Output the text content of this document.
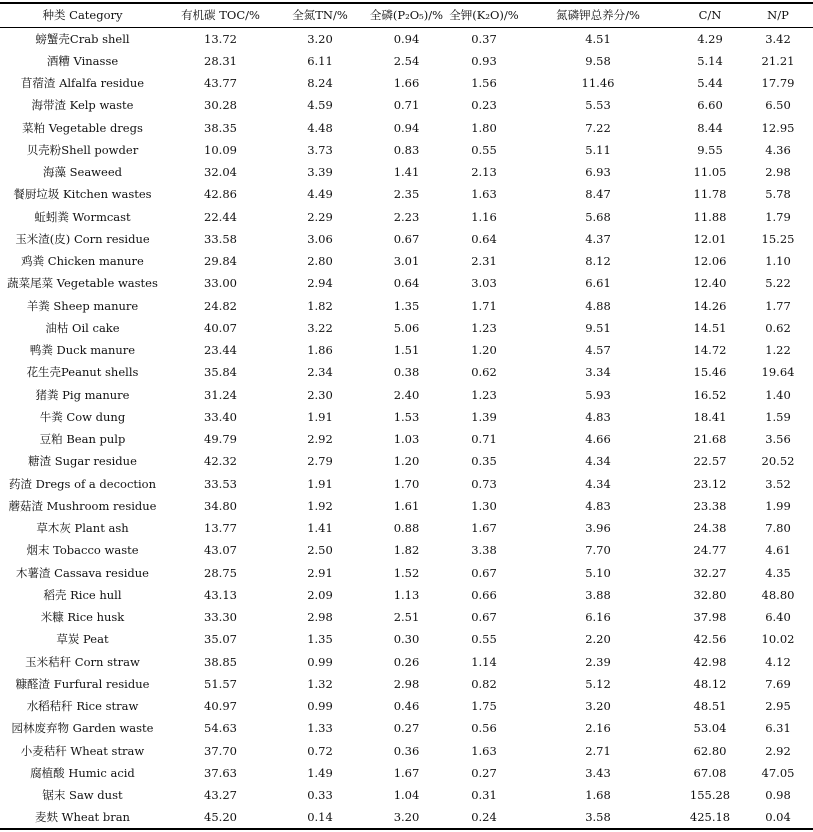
种类 Category	有机碳 TOC/%	全氮TN/%	全磷(P₂O₅)/% 全钾(K₂O)/%	氮磷钾总养分/%	C/N	N/P
螃蟹壳Crab shell	13.72	3.20	0.94	0.37	4.51	4.29	3.42
酒糟 Vinasse	28.31	6.11	2.54	0.93	9.58	5.14	21.21
苜蓿渣 Alfalfa residue	43.77	8.24	1.66	1.56	11.46	5.44	17.79
海带渣 Kelp waste	30.28	4.59	0.71	0.23	5.53	6.60	6.50
菜粕 Vegetable dregs	38.35	4.48	0.94	1.80	7.22	8.44	12.95
贝壳粉Shell powder	10.09	3.73	0.83	0.55	5.11	9.55	4.36
海藻 Seaweed	32.04	3.39	1.41	2.13	6.93	11.05	2.98
餐厨垃圾 Kitchen wastes	42.86	4.49	2.35	1.63	8.47	11.78	5.78
蚯蚓粪 Wormcast	22.44	2.29	2.23	1.16	5.68	11.88	1.79
玉米渣(皮) Corn residue	33.58	3.06	0.67	0.64	4.37	12.01	15.25
鸡粪 Chicken manure	29.84	2.80	3.01	2.31	8.12	12.06	1.10
蔬菜尾菜 Vegetable wastes	33.00	2.94	0.64	3.03	6.61	12.40	5.22
羊粪 Sheep manure	24.82	1.82	1.35	1.71	4.88	14.26	1.77
油枯 Oil cake	40.07	3.22	5.06	1.23	9.51	14.51	0.62
鸭粪 Duck manure	23.44	1.86	1.51	1.20	4.57	14.72	1.22
花生壳Peanut shells	35.84	2.34	0.38	0.62	3.34	15.46	19.64
猪粪 Pig manure	31.24	2.30	2.40	1.23	5.93	16.52	1.40
牛粪 Cow dung	33.40	1.91	1.53	1.39	4.83	18.41	1.59
豆粕 Bean pulp	49.79	2.92	1.03	0.71	4.66	21.68	3.56
糖渣 Sugar residue	42.32	2.79	1.20	0.35	4.34	22.57	20.52
药渣 Dregs of a decoction	33.53	1.91	1.70	0.73	4.34	23.12	3.52
蘑菇渣 Mushroom residue	34.80	1.92	1.61	1.30	4.83	23.38	1.99
草木灰 Plant ash	13.77	1.41	0.88	1.67	3.96	24.38	7.80
烟末 Tobacco waste	43.07	2.50	1.82	3.38	7.70	24.77	4.61
木薯渣 Cassava residue	28.75	2.91	1.52	0.67	5.10	32.27	4.35
稻壳 Rice hull	43.13	2.09	1.13	0.66	3.88	32.80	48.80
米糠 Rice husk	33.30	2.98	2.51	0.67	6.16	37.98	6.40
草炭 Peat	35.07	1.35	0.30	0.55	2.20	42.56	10.02
玉米秸秆 Corn straw	38.85	0.99	0.26	1.14	2.39	42.98	4.12
糠醛渣 Furfural residue	51.57	1.32	2.98	0.82	5.12	48.12	7.69
水稻秸秆 Rice straw	40.97	0.99	0.46	1.75	3.20	48.51	2.95
园林废弃物 Garden waste	54.63	1.33	0.27	0.56	2.16	53.04	6.31
小麦秸秆 Wheat straw	37.70	0.72	0.36	1.63	2.71	62.80	2.92
腐植酸 Humic acid	37.63	1.49	1.67	0.27	3.43	67.08	47.05
锯末 Saw dust	43.27	0.33	1.04	0.31	1.68	155.28	0.98
麦麸 Wheat bran	45.20	0.14	3.20	0.24	3.58	425.18	0.04
